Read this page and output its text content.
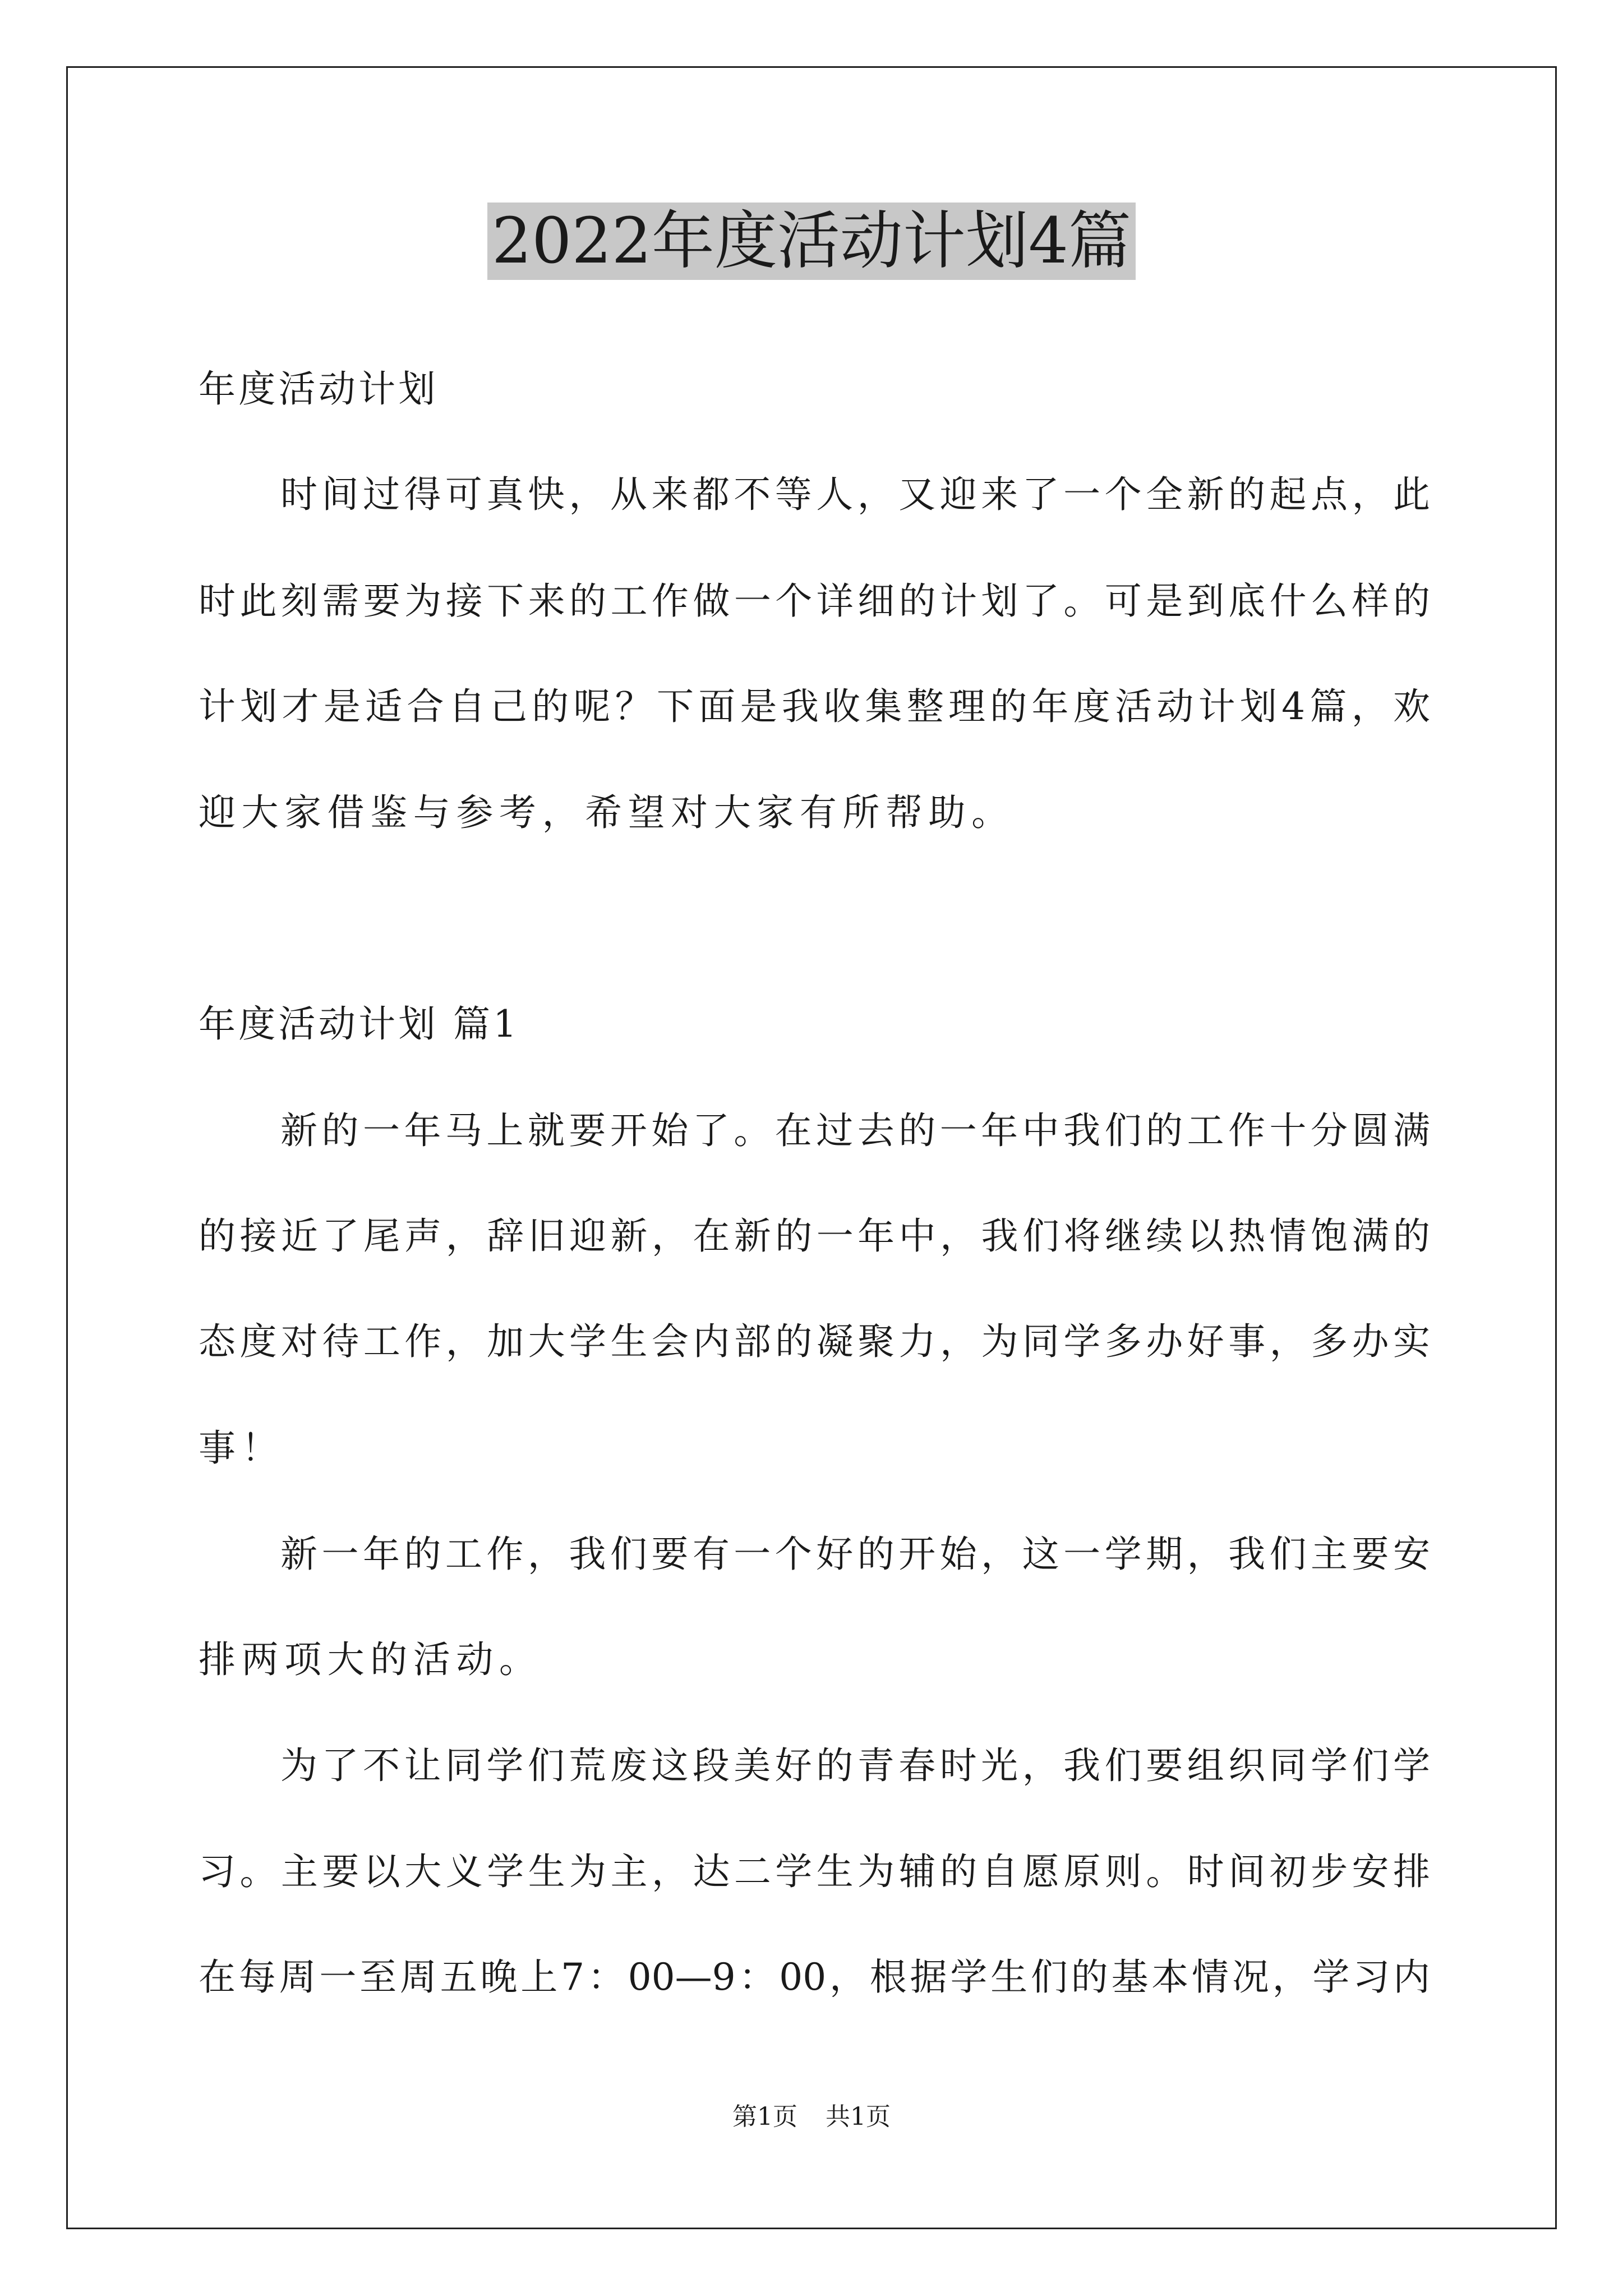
2022年度活动计划4篇
年度活动计划
时间过得可真快，从来都不等人，又迎来了一个全新的起点，此
时此刻需要为接下来的工作做一个详细的计划了。可是到底什么样的
计划才是适合自己的呢？下面是我收集整理的年度活动计划4篇，欢
迎大家借鉴与参考，希望对大家有所帮助。
年度活动计划 篇1
新的一年马上就要开始了。在过去的一年中我们的工作十分圆满
的接近了尾声，辞旧迎新，在新的一年中，我们将继续以热情饱满的
态度对待工作，加大学生会内部的凝聚力，为同学多办好事，多办实
事！
新一年的工作，我们要有一个好的开始，这一学期，我们主要安
排两项大的活动。
为了不让同学们荒废这段美好的青春时光，我们要组织同学们学
习。主要以大义学生为主，达二学生为辅的自愿原则。时间初步安排
在每周一至周五晚上7：00—9：00，根据学生们的基本情况，学习内
第1页 共1页
